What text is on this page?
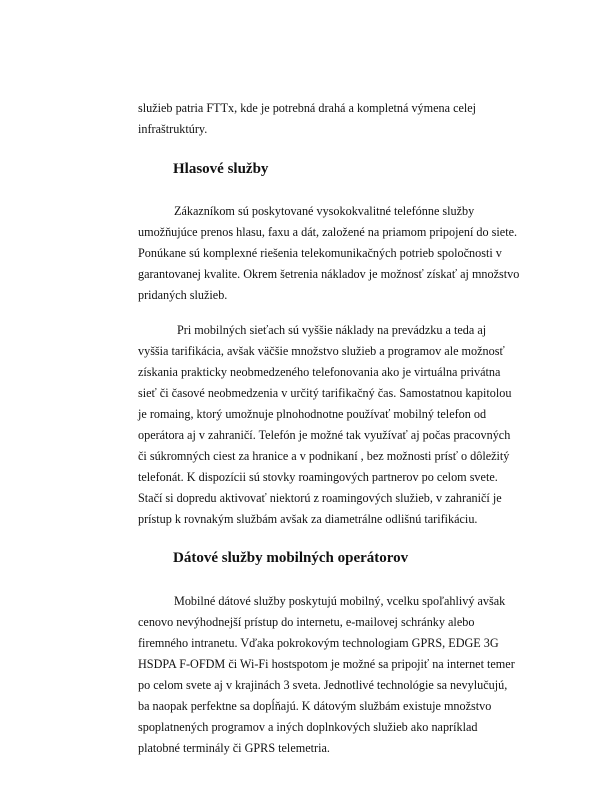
služieb patria FTTx, kde je potrebná drahá a kompletná výmena celej
infraštruktúry.
Hlasové služby
Zákazníkom sú poskytované vysokokvalitné telefónne služby
umožňujúce prenos hlasu, faxu a dát, založené na priamom pripojení do siete.
Ponúkane sú komplexné riešenia telekomunikačných potrieb spoločnosti v
garantovanej kvalite. Okrem šetrenia nákladov je možnosť získať aj množstvo
pridaných služieb.
Pri mobilných sieťach sú vyššie náklady na prevádzku a teda aj
vyššia tarifikácia, avšak väčšie množstvo služieb a programov ale možnosť
získania prakticky neobmedzeného telefonovania ako je virtuálna privátna
sieť či časové neobmedzenia v určitý tarifikačný čas. Samostatnou kapitolou
je romaing, ktorý umožnuje plnohodnotne používať mobilný telefon od
operátora aj v zahraničí. Telefón je možné tak využívať aj počas pracovných
či súkromných ciest za hranice a v podnikaní , bez možnosti prísť o dôležitý
telefonát. K dispozícii sú stovky roamingových partnerov po celom svete.
Stačí si dopredu aktivovať niektorú z roamingových služieb, v zahraničí je
prístup k rovnakým službám avšak za diametrálne odlišnú tarifikáciu.
Dátové služby mobilných operátorov
Mobilné dátové služby poskytujú mobilný, vcelku spoľahlivý avšak
cenovo nevýhodnejší prístup do internetu, e-mailovej schránky alebo
firemného intranetu. Vďaka pokrokovým technologiam GPRS, EDGE 3G
HSDPA F-OFDM či Wi-Fi hostspotom je možné sa pripojiť na internet temer
po celom svete aj v krajinách 3 sveta. Jednotlivé technológie sa nevylučujú,
ba naopak perfektne sa dopĺňajú. K dátovým službám existuje množstvo
spoplatnených programov a iných doplnkových služieb ako napríklad
platobné terminály či GPRS telemetria.
